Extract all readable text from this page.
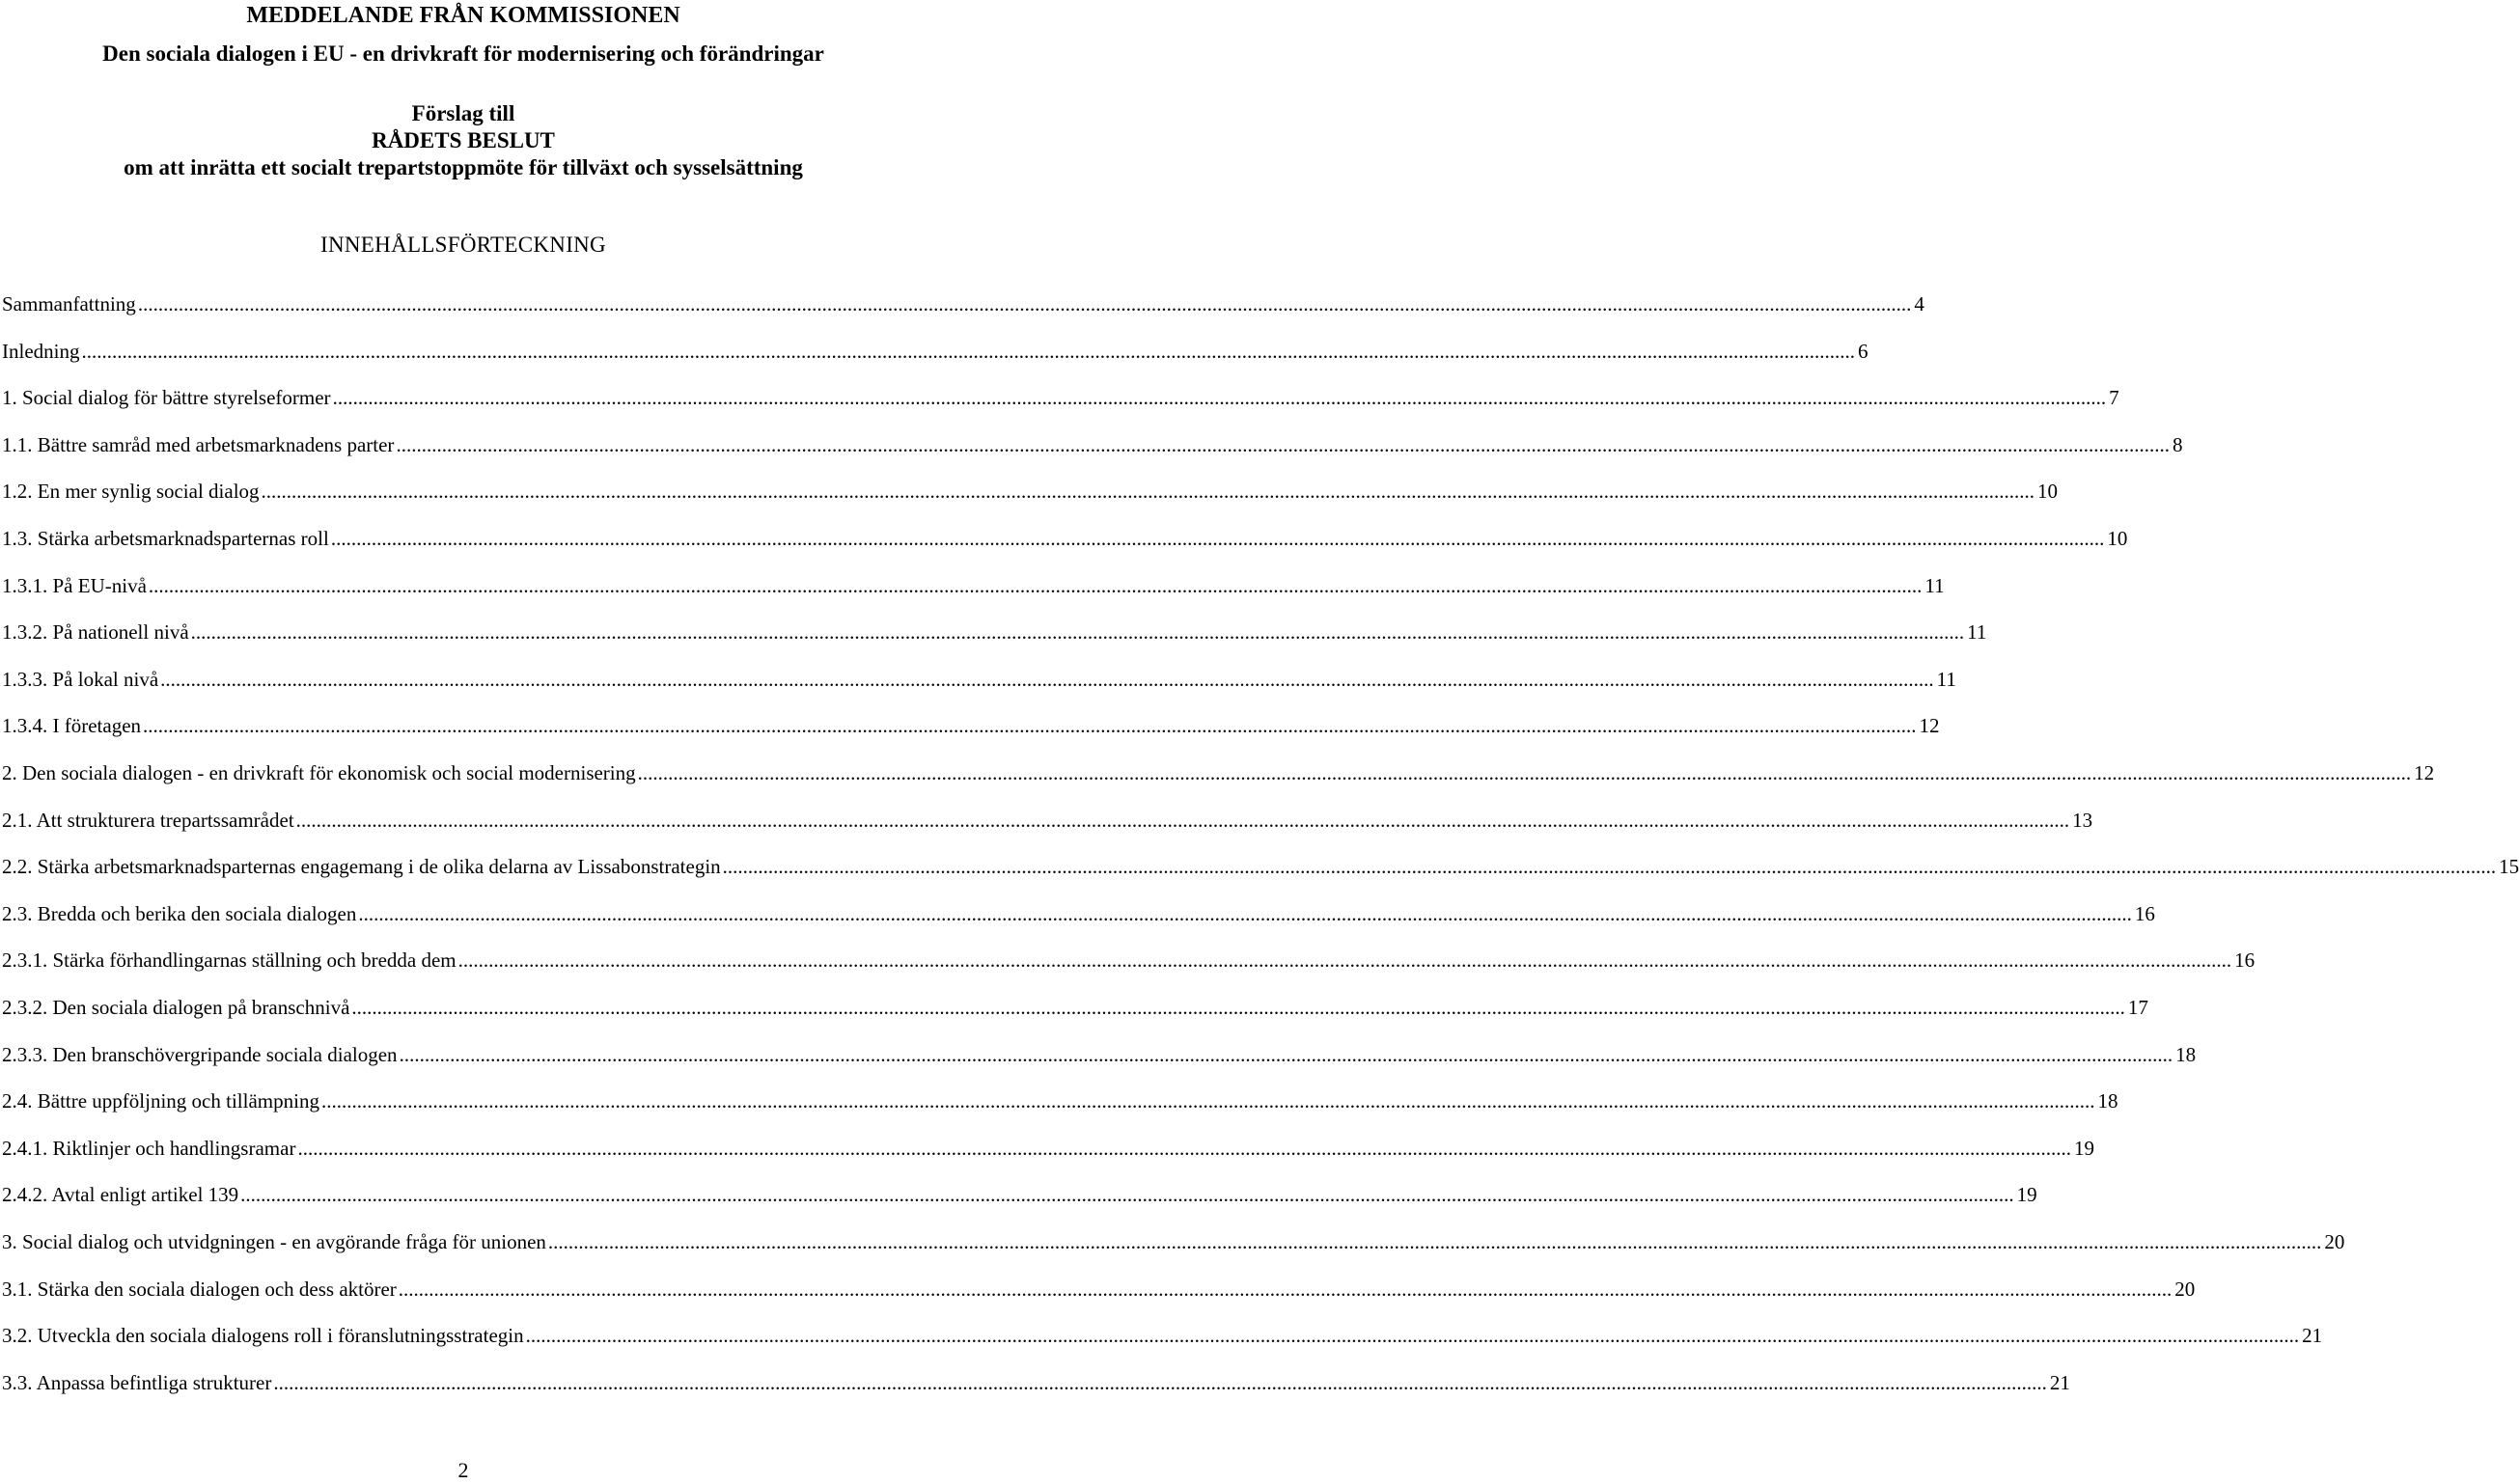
MEDDELANDE FRÅN KOMMISSIONEN
Den sociala dialogen i EU - en drivkraft för modernisering och förändringar
Förslag till
RÅDETS BESLUT
om att inrätta ett socialt trepartstoppmöte för tillväxt och sysselsättning
INNEHÅLLSFÖRTECKNING
Sammanfattning .....	4
Inledning .....	6
1. Social dialog för bättre styrelseformer .....	7
1.1. Bättre samråd med arbetsmarknadens parter .....	8
1.2. En mer synlig social dialog .....	10
1.3. Stärka arbetsmarknadsparternas roll .....	10
1.3.1. På EU-nivå .....	11
1.3.2. På nationell nivå .....	11
1.3.3. På lokal nivå .....	11
1.3.4. I företagen .....	12
2. Den sociala dialogen - en drivkraft för ekonomisk och social modernisering .....	12
2.1. Att strukturera trepartssamrådet .....	13
2.2. Stärka arbetsmarknadsparternas engagemang i de olika delarna av Lissabonstrategin .....	15
2.3. Bredda och berika den sociala dialogen .....	16
2.3.1. Stärka förhandlingarnas ställning och bredda dem .....	16
2.3.2. Den sociala dialogen på branschnivå .....	17
2.3.3. Den branschövergripande sociala dialogen .....	18
2.4. Bättre uppföljning och tillämpning .....	18
2.4.1. Riktlinjer och handlingsramar .....	19
2.4.2. Avtal enligt artikel 139 .....	19
3. Social dialog och utvidgningen - en avgörande fråga för unionen .....	20
3.1. Stärka den sociala dialogen och dess aktörer .....	20
3.2. Utveckla den sociala dialogens roll i föranslutningsstrategin .....	21
3.3. Anpassa befintliga strukturer .....	21
2
